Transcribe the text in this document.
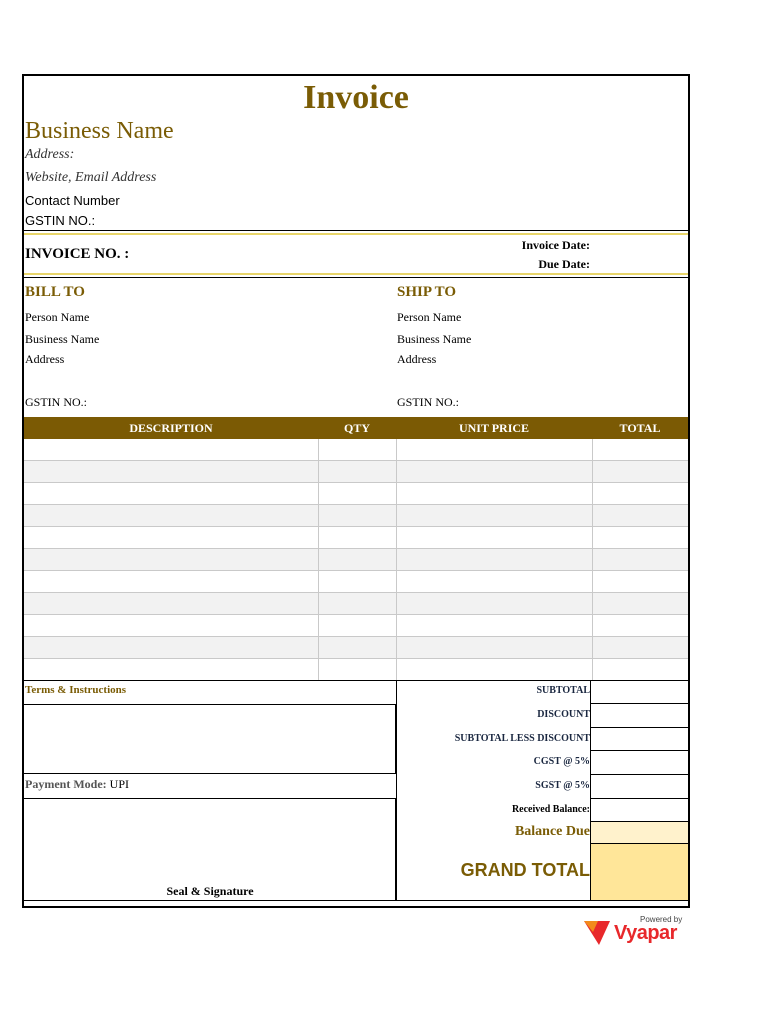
Invoice
Business Name
Address:
Website, Email Address
Contact Number
GSTIN NO.:
INVOICE NO. :
Invoice Date:
Due Date:
BILL TO
Person Name
Business Name
Address
GSTIN NO.:
SHIP TO
Person Name
Business Name
Address
GSTIN NO.:
DESCRIPTION	QTY	UNIT PRICE	TOTAL

Terms & Instructions
Payment Mode: UPI
Seal & Signature
SUBTOTAL
DISCOUNT
SUBTOTAL LESS DISCOUNT
CGST @ 5%
SGST @ 5%
Received Balance:
Balance Due
GRAND TOTAL
Powered by
Vyapar
